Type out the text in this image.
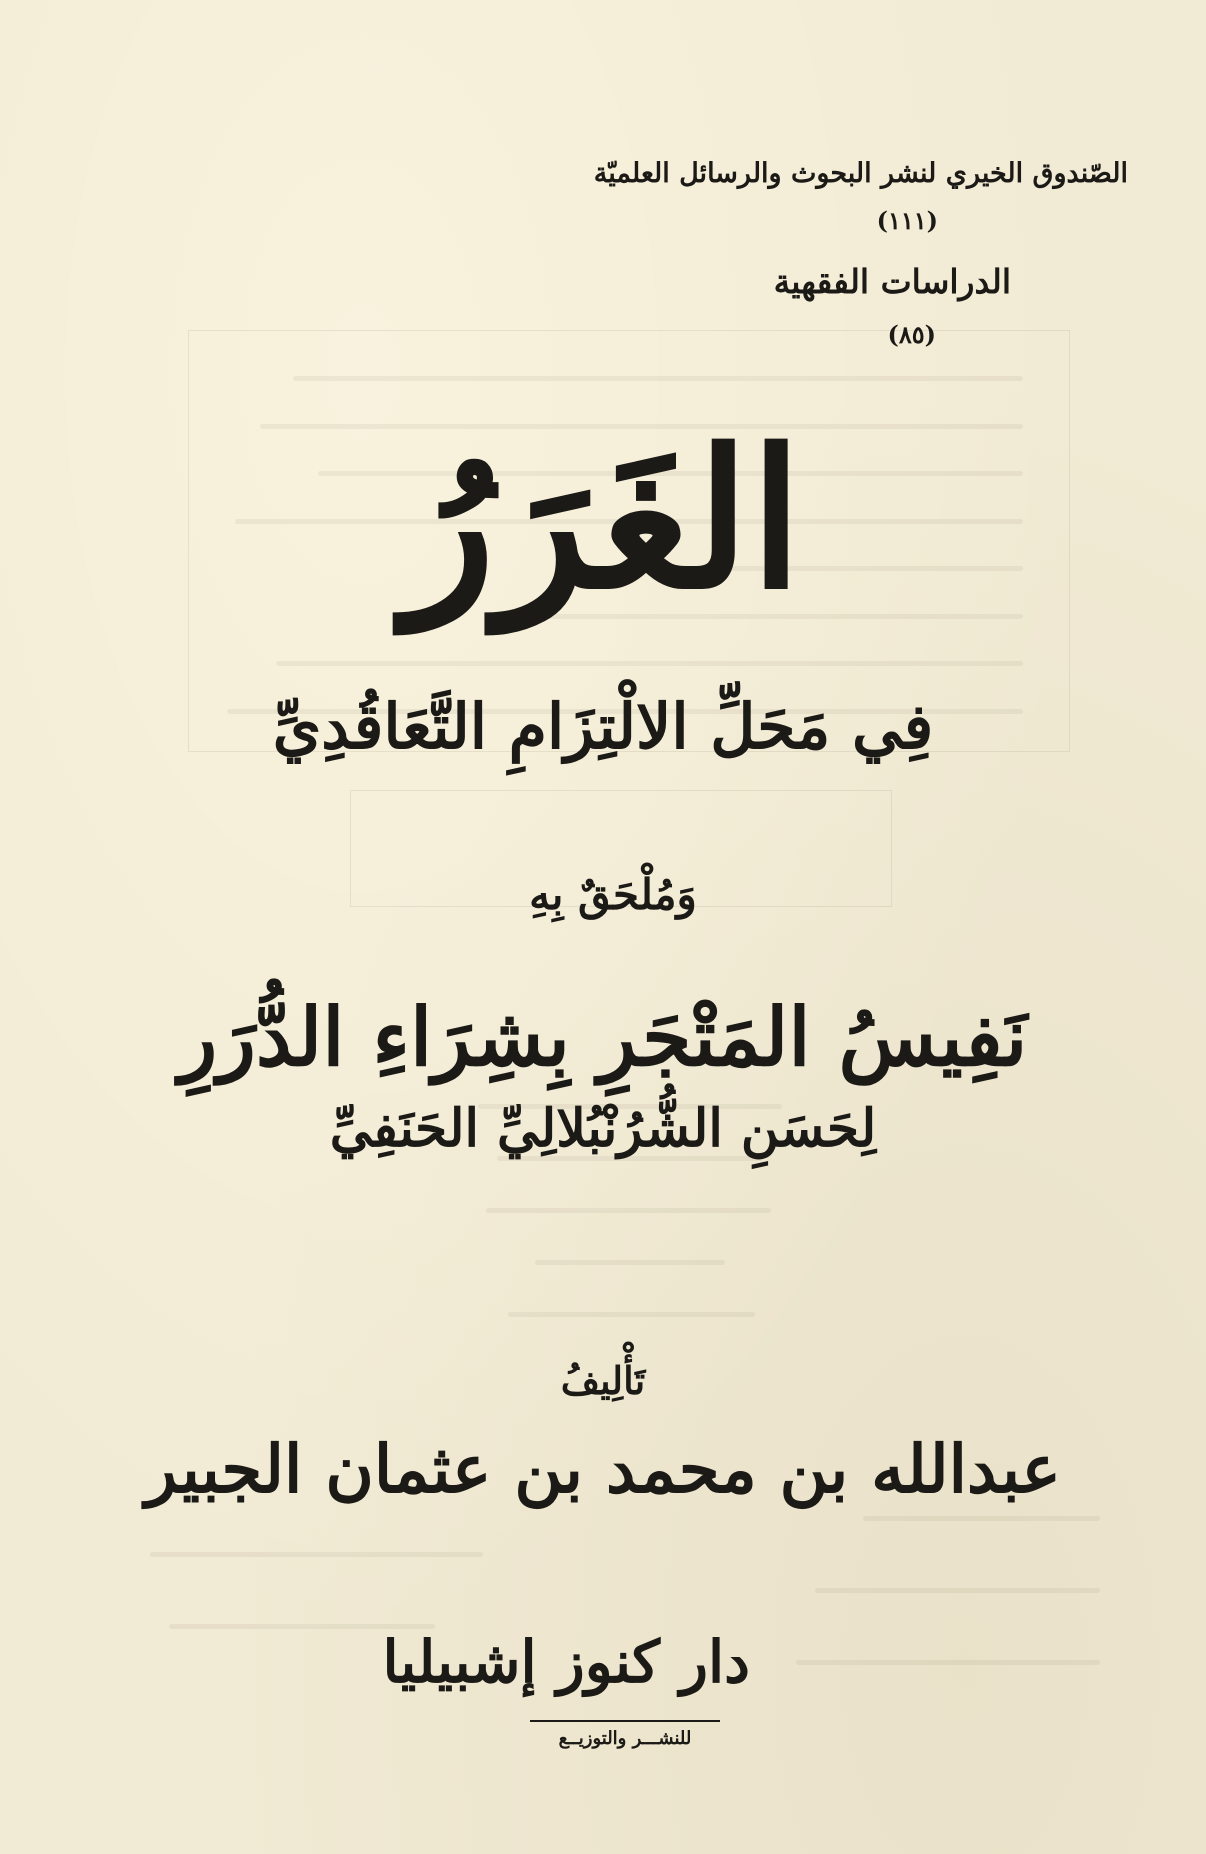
الصّندوق الخيري لنشر البحوث والرسائل العلميّة
(١١١)
الدراسات الفقهية
(٨٥)
الغَرَرُ
فِي مَحَلِّ الالْتِزَامِ التَّعَاقُدِيِّ
وَمُلْحَقٌ بِهِ
نَفِيسُ المَتْجَرِ بِشِرَاءِ الدُّرَرِ
لِحَسَنِ الشُّرُنْبُلالِيِّ الحَنَفِيِّ
تَأْلِيفُ
عبدالله بن محمد بن عثمان الجبير
دار كنوز إشبيليا
للنشـــر والتوزيــع
